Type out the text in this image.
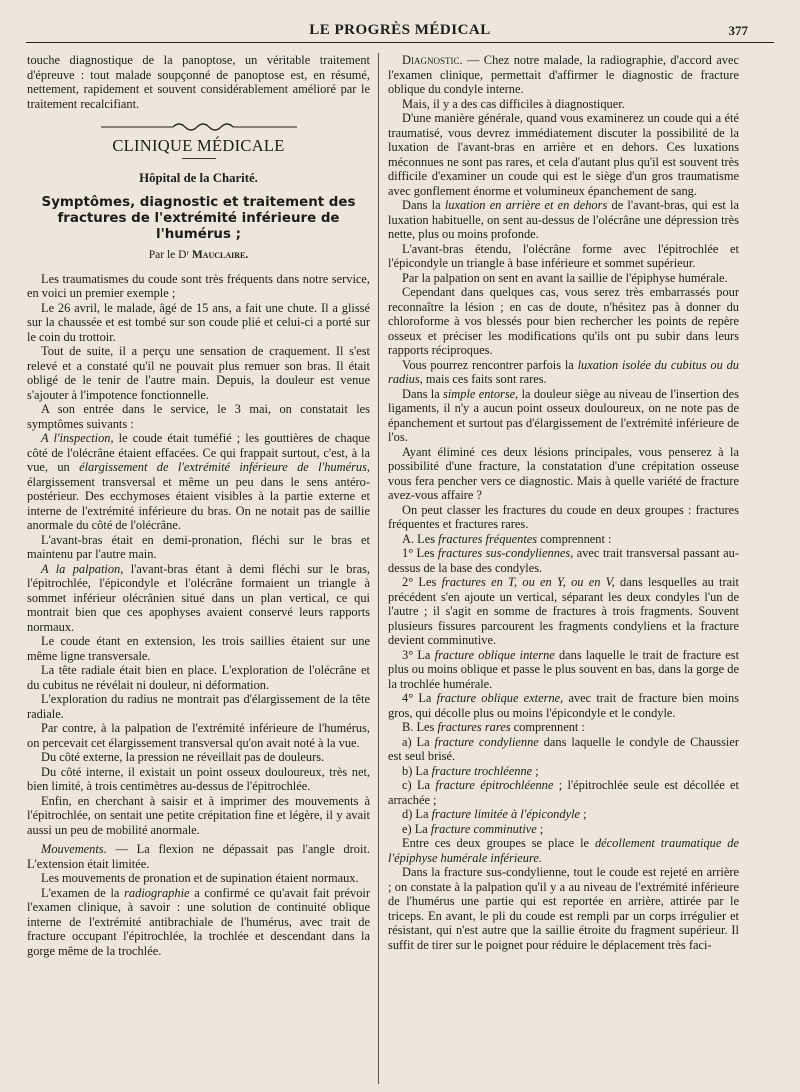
LE PROGRÈS MÉDICAL	377

touche diagnostique de la panoptose, un véritable traitement d'épreuve : tout malade soupçonné de panoptose est, en résumé, nettement, rapidement et souvent considérablement amélioré par le traitement recalcifiant.

CLINIQUE MÉDICALE
Hôpital de la Charité.
Symptômes, diagnostic et traitement des fractures de l'extrémité inférieure de l'humérus ;
Par le Dʳ Mauclaire.

Les traumatismes du coude sont très fréquents dans notre service, en voici un premier exemple ;

Le 26 avril, le malade, âgé de 15 ans, a fait une chute. Il a glissé sur la chaussée et est tombé sur son coude plié et celui-ci a porté sur le coin du trottoir.

Tout de suite, il a perçu une sensation de craquement. Il s'est relevé et a constaté qu'il ne pouvait plus remuer son bras. Il était obligé de le tenir de l'autre main. Depuis, la douleur est venue s'ajouter à l'impotence fonctionnelle.

A son entrée dans le service, le 3 mai, on constatait les symptômes suivants :

A l'inspection, le coude était tuméfié ; les gouttières de chaque côté de l'olécrâne étaient effacées. Ce qui frappait surtout, c'est, à la vue, un élargissement de l'extrémité inférieure de l'humérus, élargissement transversal et même un peu dans le sens antéro-postérieur. Des ecchymoses étaient visibles à la partie externe et interne de l'extrémité inférieure du bras. On ne notait pas de saillie anormale du côté de l'olécrâne.

L'avant-bras était en demi-pronation, fléchi sur le bras et maintenu par l'autre main.

A la palpation, l'avant-bras étant à demi fléchi sur le bras, l'épitrochlée, l'épicondyle et l'olécrâne formaient un triangle à sommet inférieur olécrânien situé dans un plan vertical, ce qui montrait bien que ces apophyses avaient conservé leurs rapports normaux.

Le coude étant en extension, les trois saillies étaient sur une même ligne transversale.

La tête radiale était bien en place. L'exploration de l'olécrâne et du cubitus ne révélait ni douleur, ni déformation.

L'exploration du radius ne montrait pas d'élargissement de la tête radiale.

Par contre, à la palpation de l'extrémité inférieure de l'humérus, on percevait cet élargissement transversal qu'on avait noté à la vue.

Du côté externe, la pression ne réveillait pas de douleurs.

Du côté interne, il existait un point osseux douloureux, très net, bien limité, à trois centimètres au-dessus de l'épitrochlée.

Enfin, en cherchant à saisir et à imprimer des mouvements à l'épitrochlée, on sentait une petite crépitation fine et légère, il y avait aussi un peu de mobilité anormale.

Mouvements. — La flexion ne dépassait pas l'angle droit. L'extension était limitée.

Les mouvements de pronation et de supination étaient normaux.

L'examen de la radiographie a confirmé ce qu'avait fait prévoir l'examen clinique, à savoir : une solution de continuité oblique interne de l'extrémité antibrachiale de l'humérus, avec trait de fracture occupant l'épitrochlée, la trochlée et descendant dans la gorge même de la trochlée.

Diagnostic. — Chez notre malade, la radiographie, d'accord avec l'examen clinique, permettait d'affirmer le diagnostic de fracture oblique du condyle interne.

Mais, il y a des cas difficiles à diagnostiquer.

D'une manière générale, quand vous examinerez un coude qui a été traumatisé, vous devrez immédiatement discuter la possibilité de la luxation de l'avant-bras en arrière et en dehors. Ces luxations méconnues ne sont pas rares, et cela d'autant plus qu'il est souvent très difficile d'examiner un coude qui est le siège d'un gros traumatisme avec gonflement énorme et volumineux épanchement de sang.

Dans la luxation en arrière et en dehors de l'avant-bras, qui est la luxation habituelle, on sent au-dessus de l'olécrâne une dépression très nette, plus ou moins profonde.

L'avant-bras étendu, l'olécrâne forme avec l'épitrochlée et l'épicondyle un triangle à base inférieure et sommet supérieur.

Par la palpation on sent en avant la saillie de l'épiphyse humérale.

Cependant dans quelques cas, vous serez très embarrassés pour reconnaître la lésion ; en cas de doute, n'hésitez pas à donner du chloroforme à vos blessés pour bien rechercher les points de repère osseux et préciser les modifications qu'ils ont pu subir dans leurs rapports réciproques.

Vous pourrez rencontrer parfois la luxation isolée du cubitus ou du radius, mais ces faits sont rares.

Dans la simple entorse, la douleur siège au niveau de l'insertion des ligaments, il n'y a aucun point osseux douloureux, on ne note pas de épanchement et surtout pas d'élargissement de l'extrémité inférieure de l'os.

Ayant éliminé ces deux lésions principales, vous penserez à la possibilité d'une fracture, la constatation d'une crépitation osseuse vous fera pencher vers ce diagnostic. Mais à quelle variété de fracture avez-vous affaire ?

On peut classer les fractures du coude en deux groupes : fractures fréquentes et fractures rares.

A. Les fractures fréquentes comprennent :

1° Les fractures sus-condyliennes, avec trait transversal passant au-dessus de la base des condyles.

2° Les fractures en T, ou en Y, ou en V, dans lesquelles au trait précédent s'en ajoute un vertical, séparant les deux condyles l'un de l'autre ; il s'agit en somme de fractures à trois fragments. Souvent plusieurs fissures parcourent les fragments condyliens et la fracture devient comminutive.

3° La fracture oblique interne dans laquelle le trait de fracture est plus ou moins oblique et passe le plus souvent en bas, dans la gorge de la trochlée humérale.

4° La fracture oblique externe, avec trait de fracture bien moins gros, qui décolle plus ou moins l'épicondyle et le condyle.

B. Les fractures rares comprennent :

a) La fracture condylienne dans laquelle le condyle de Chaussier est seul brisé.

b) La fracture trochléenne ;

c) La fracture épitrochléenne ; l'épitrochlée seule est décollée et arrachée ;

d) La fracture limitée à l'épicondyle ;

e) La fracture comminutive ;

Entre ces deux groupes se place le décollement traumatique de l'épiphyse humérale inférieure.

Dans la fracture sus-condylienne, tout le coude est rejeté en arrière ; on constate à la palpation qu'il y a au niveau de l'extrémité inférieure de l'humérus une partie qui est reportée en arrière, attirée par le triceps. En avant, le pli du coude est rempli par un corps irrégulier et résistant, qui n'est autre que la saillie étroite du fragment supérieur. Il suffit de tirer sur le poignet pour réduire le déplacement très faci-
